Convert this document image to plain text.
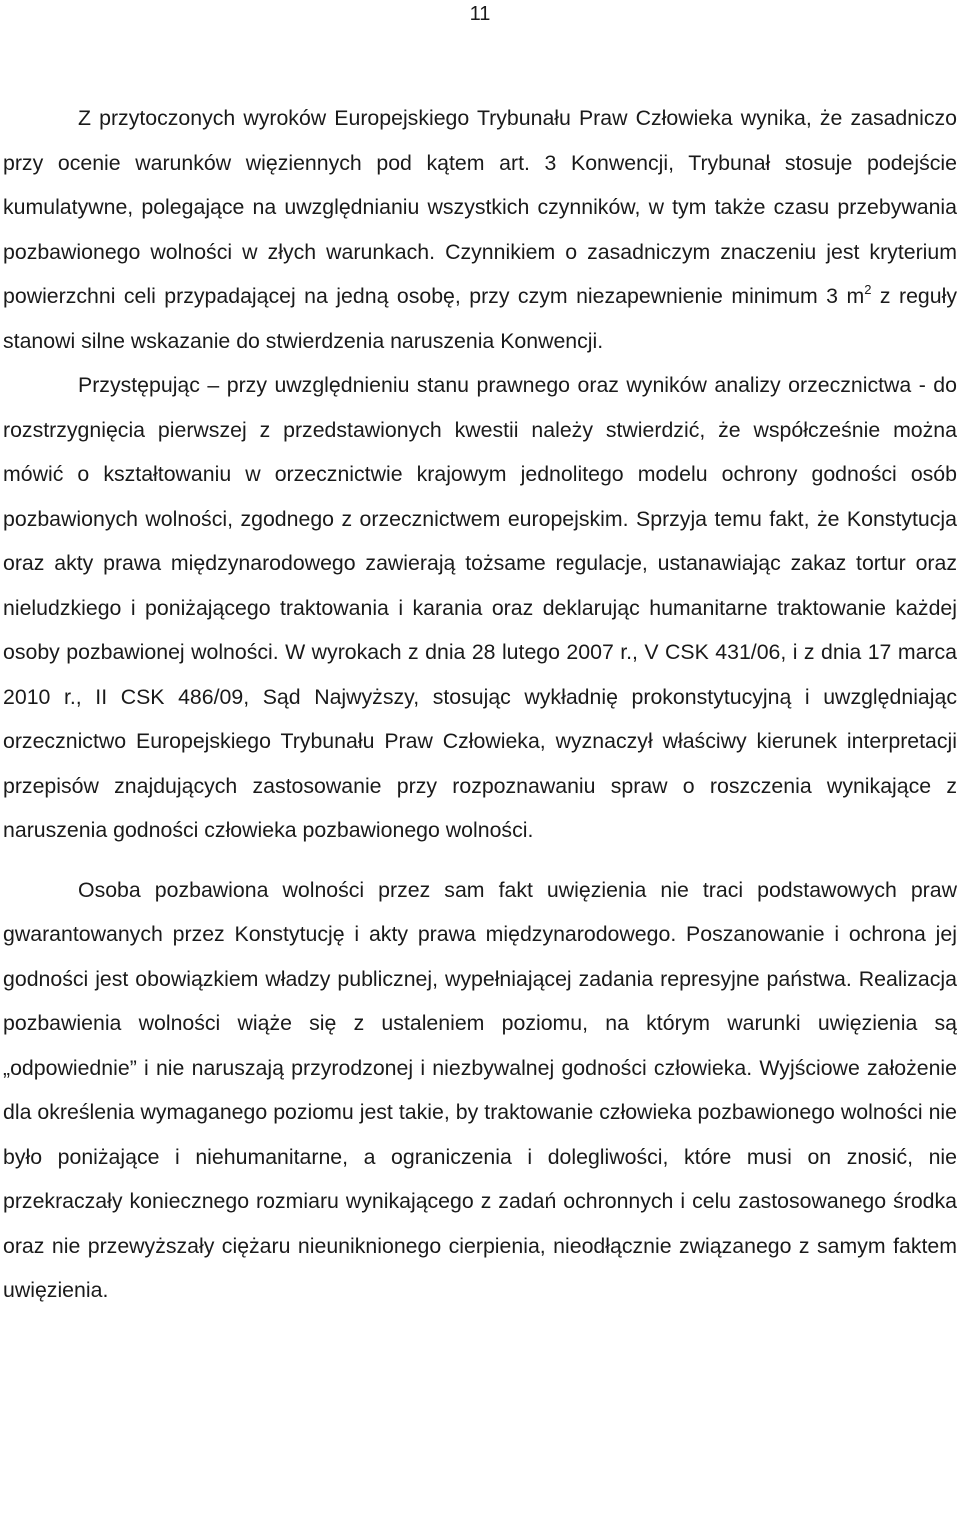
11

Z przytoczonych wyroków Europejskiego Trybunału Praw Człowieka wynika, że zasadniczo przy ocenie warunków więziennych pod kątem art. 3 Konwencji, Trybunał stosuje podejście kumulatywne, polegające na uwzględnianiu wszystkich czynników, w tym także czasu przebywania pozbawionego wolności w złych warunkach. Czynnikiem o zasadniczym znaczeniu jest kryterium powierzchni celi przypadającej na jedną osobę, przy czym niezapewnienie minimum 3 $m^2$ z reguły stanowi silne wskazanie do stwierdzenia naruszenia Konwencji.

Przystępując – przy uwzględnieniu stanu prawnego oraz wyników analizy orzecznictwa - do rozstrzygnięcia pierwszej z przedstawionych kwestii należy stwierdzić, że współcześnie można mówić o kształtowaniu w orzecznictwie krajowym jednolitego modelu ochrony godności osób pozbawionych wolności, zgodnego z orzecznictwem europejskim. Sprzyja temu fakt, że Konstytucja oraz akty prawa międzynarodowego zawierają tożsame regulacje, ustanawiając zakaz tortur oraz nieludzkiego i poniżającego traktowania i karania oraz deklarując humanitarne traktowanie każdej osoby pozbawionej wolności. W wyrokach z dnia 28 lutego 2007 r., V CSK 431/06, i z dnia 17 marca 2010 r., II CSK 486/09, Sąd Najwyższy, stosując wykładnię prokonstytucyjną i uwzględniając orzecznictwo Europejskiego Trybunału Praw Człowieka, wyznaczył właściwy kierunek interpretacji przepisów znajdujących zastosowanie przy rozpoznawaniu spraw o roszczenia wynikające z naruszenia godności człowieka pozbawionego wolności.

Osoba pozbawiona wolności przez sam fakt uwięzienia nie traci podstawowych praw gwarantowanych przez Konstytucję i akty prawa międzynarodowego. Poszanowanie i ochrona jej godności jest obowiązkiem władzy publicznej, wypełniającej zadania represyjne państwa. Realizacja pozbawienia wolności wiąże się z ustaleniem poziomu, na którym warunki uwięzienia są „odpowiednie” i nie naruszają przyrodzonej i niezbywalnej godności człowieka. Wyjściowe założenie dla określenia wymaganego poziomu jest takie, by traktowanie człowieka pozbawionego wolności nie było poniżające i niehumanitarne, a ograniczenia i dolegliwości, które musi on znosić, nie przekraczały koniecznego rozmiaru wynikającego z zadań ochronnych i celu zastosowanego środka oraz nie przewyższały ciężaru nieuniknionego cierpienia, nieodłącznie związanego z samym faktem uwięzienia.
